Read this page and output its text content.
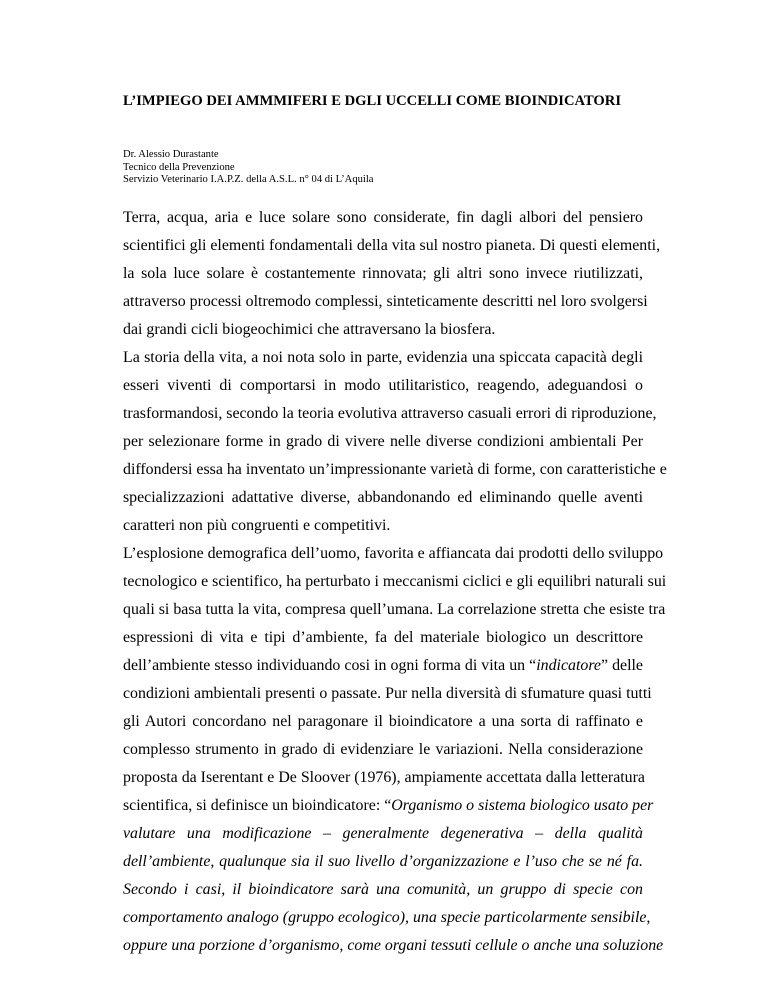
L’IMPIEGO DEI AMMMIFERI E DGLI UCCELLI COME BIOINDICATORI
Dr. Alessio Durastante
Tecnico della Prevenzione
Servizio Veterinario I.A.P.Z. della A.S.L. n° 04 di L’Aquila
Terra, acqua, aria e luce solare sono considerate, fin dagli albori del pensiero
scientifici gli elementi fondamentali della vita sul nostro pianeta. Di questi elementi,
la sola luce solare è costantemente rinnovata; gli altri sono invece riutilizzati,
attraverso processi oltremodo complessi, sinteticamente descritti nel loro svolgersi
dai grandi cicli biogeochimici che attraversano la biosfera.
La storia della vita, a noi nota solo in parte, evidenzia una spiccata capacità degli
esseri viventi di comportarsi in modo utilitaristico, reagendo, adeguandosi o
trasformandosi, secondo la teoria evolutiva attraverso casuali errori di riproduzione,
per selezionare forme in grado di vivere nelle diverse condizioni ambientali Per
diffondersi essa ha inventato un’impressionante varietà di forme, con caratteristiche e
specializzazioni adattative diverse, abbandonando ed eliminando quelle aventi
caratteri non più congruenti e competitivi.
L’esplosione demografica dell’uomo, favorita e affiancata dai prodotti dello sviluppo
tecnologico e scientifico, ha perturbato i meccanismi ciclici e gli equilibri naturali sui
quali si basa tutta la vita, compresa quell’umana. La correlazione stretta che esiste tra
espressioni di vita e tipi d’ambiente, fa del materiale biologico un descrittore
dell’ambiente stesso individuando cosi in ogni forma di vita un “indicatore” delle
condizioni ambientali presenti o passate. Pur nella diversità di sfumature quasi tutti
gli Autori concordano nel paragonare il bioindicatore a una sorta di raffinato e
complesso strumento in grado di evidenziare le variazioni. Nella considerazione
proposta da Iserentant e De Sloover (1976), ampiamente accettata dalla letteratura
scientifica, si definisce un bioindicatore: “Organismo o sistema biologico usato per
valutare una modificazione – generalmente degenerativa – della qualità
dell’ambiente, qualunque sia il suo livello d’organizzazione e l’uso che se né fa.
Secondo i casi, il bioindicatore sarà una comunità, un gruppo di specie con
comportamento analogo (gruppo ecologico), una specie particolarmente sensibile,
oppure una porzione d’organismo, come organi tessuti cellule o anche una soluzione
